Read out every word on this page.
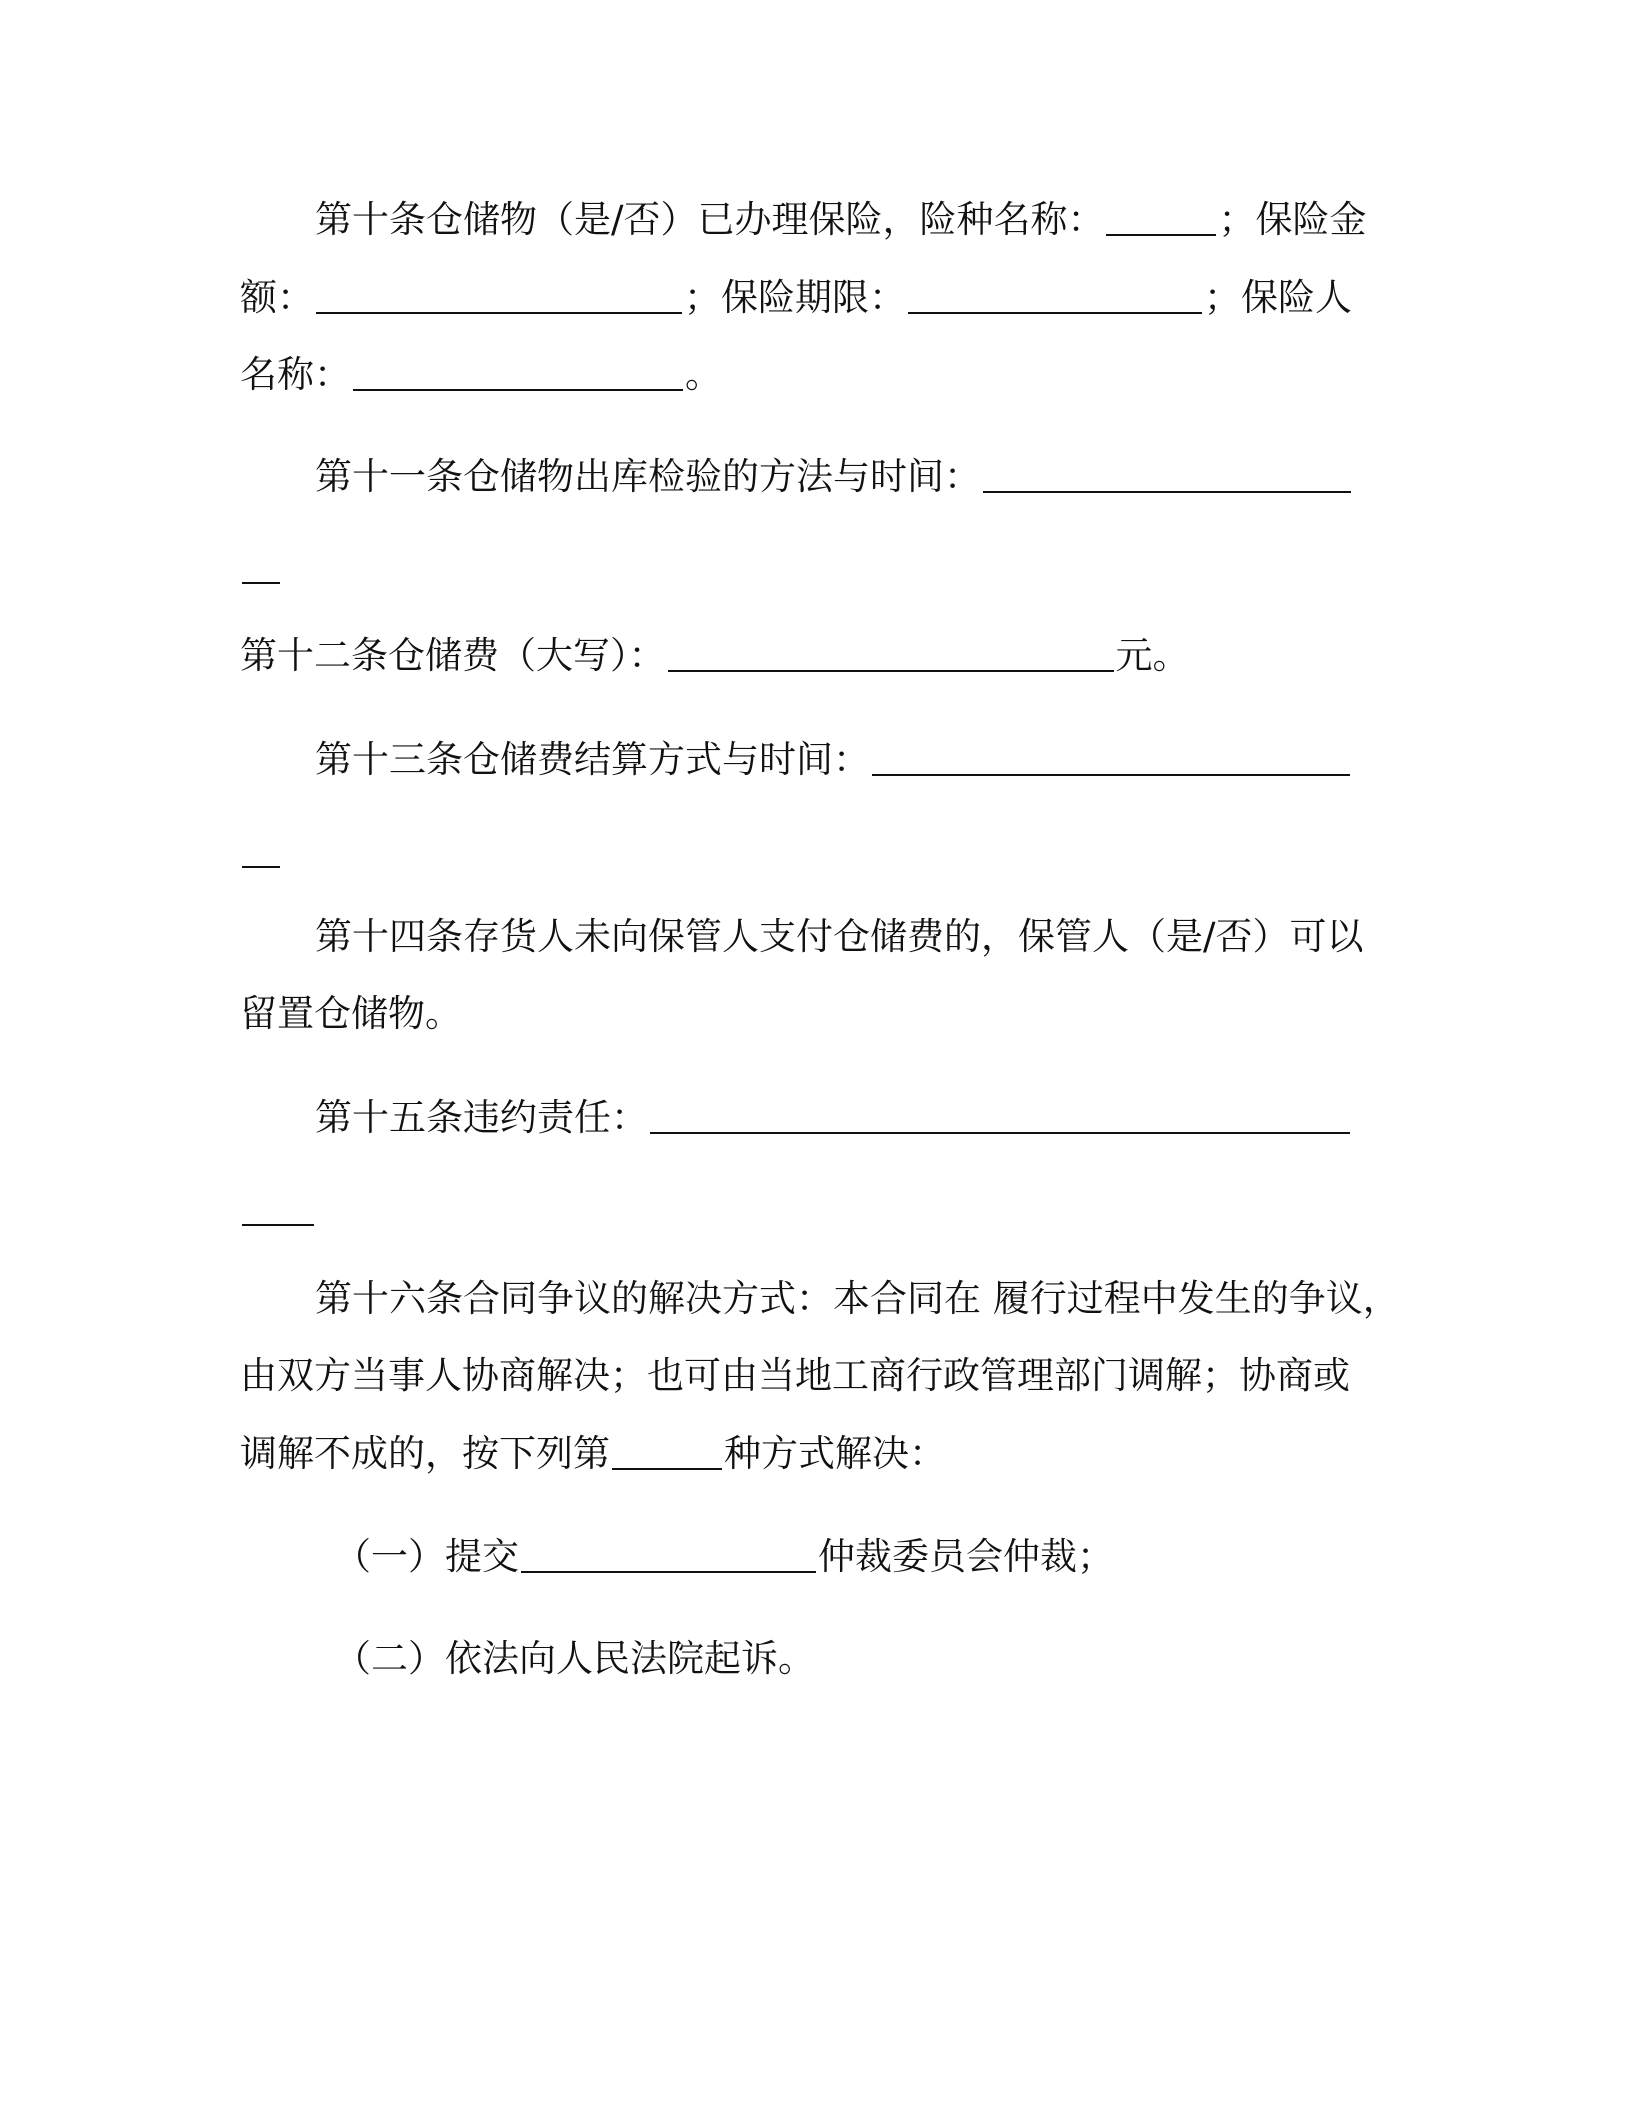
第十条仓储物（是/否）已办理保险，险种名称：	；保险金
额：	；保险期限：	；保险人
名称：	。
第十一条仓储物出库检验的方法与时间：
第十二条仓储费（大写）：	元。
第十三条仓储费结算方式与时间：
第十四条存货人未向保管人支付仓储费的，保管人（是/否）可以
留置仓储物。
第十五条违约责任：
第十六条合同争议的解决方式：本合同在 履行过程中发生的争议，
由双方当事人协商解决；也可由当地工商行政管理部门调解；协商或
调解不成的，按下列第	种方式解决：
（一）提交	仲裁委员会仲裁；
（二）依法向人民法院起诉。
